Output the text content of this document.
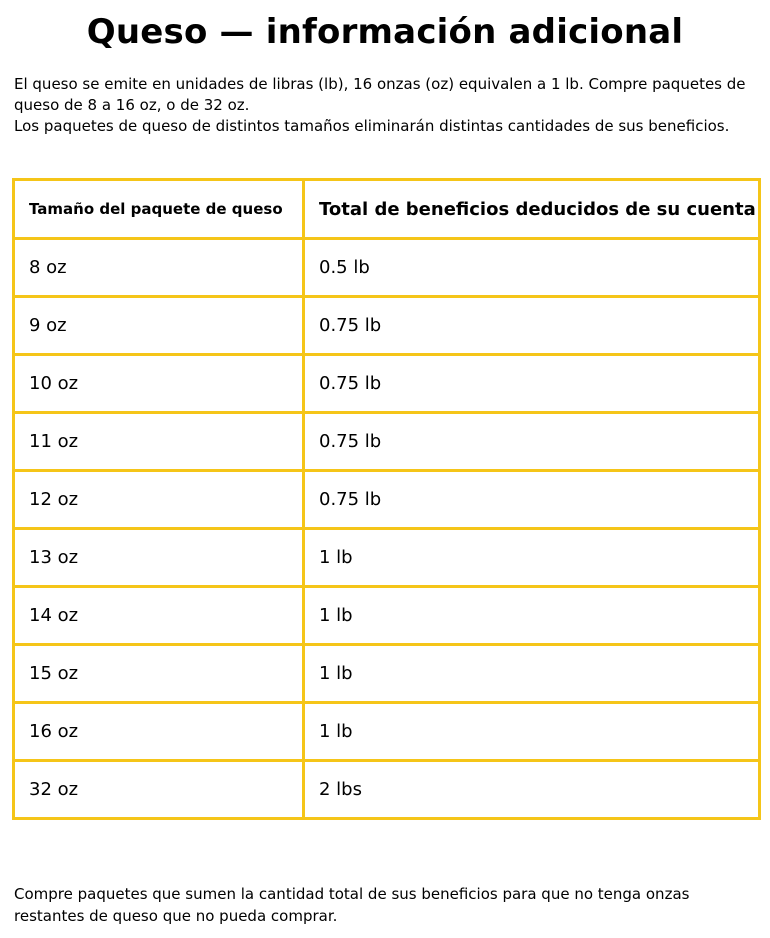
Queso — información adicional

El queso se emite en unidades de libras (lb), 16 onzas (oz) equivalen a 1 lb. Compre paquetes de queso de 8 a 16 oz, o de 32 oz.

Los paquetes de queso de distintos tamaños eliminarán distintas cantidades de sus beneficios.

Tamaño del paquete de queso	Total de beneficios deducidos de su cuenta
8 oz	0.5 lb
9 oz	0.75 lb
10 oz	0.75 lb
11 oz	0.75 lb
12 oz	0.75 lb
13 oz	1 lb
14 oz	1 lb
15 oz	1 lb
16 oz	1 lb
32 oz	2 lbs

Compre paquetes que sumen la cantidad total de sus beneficios para que no tenga onzas restantes de queso que no pueda comprar.
